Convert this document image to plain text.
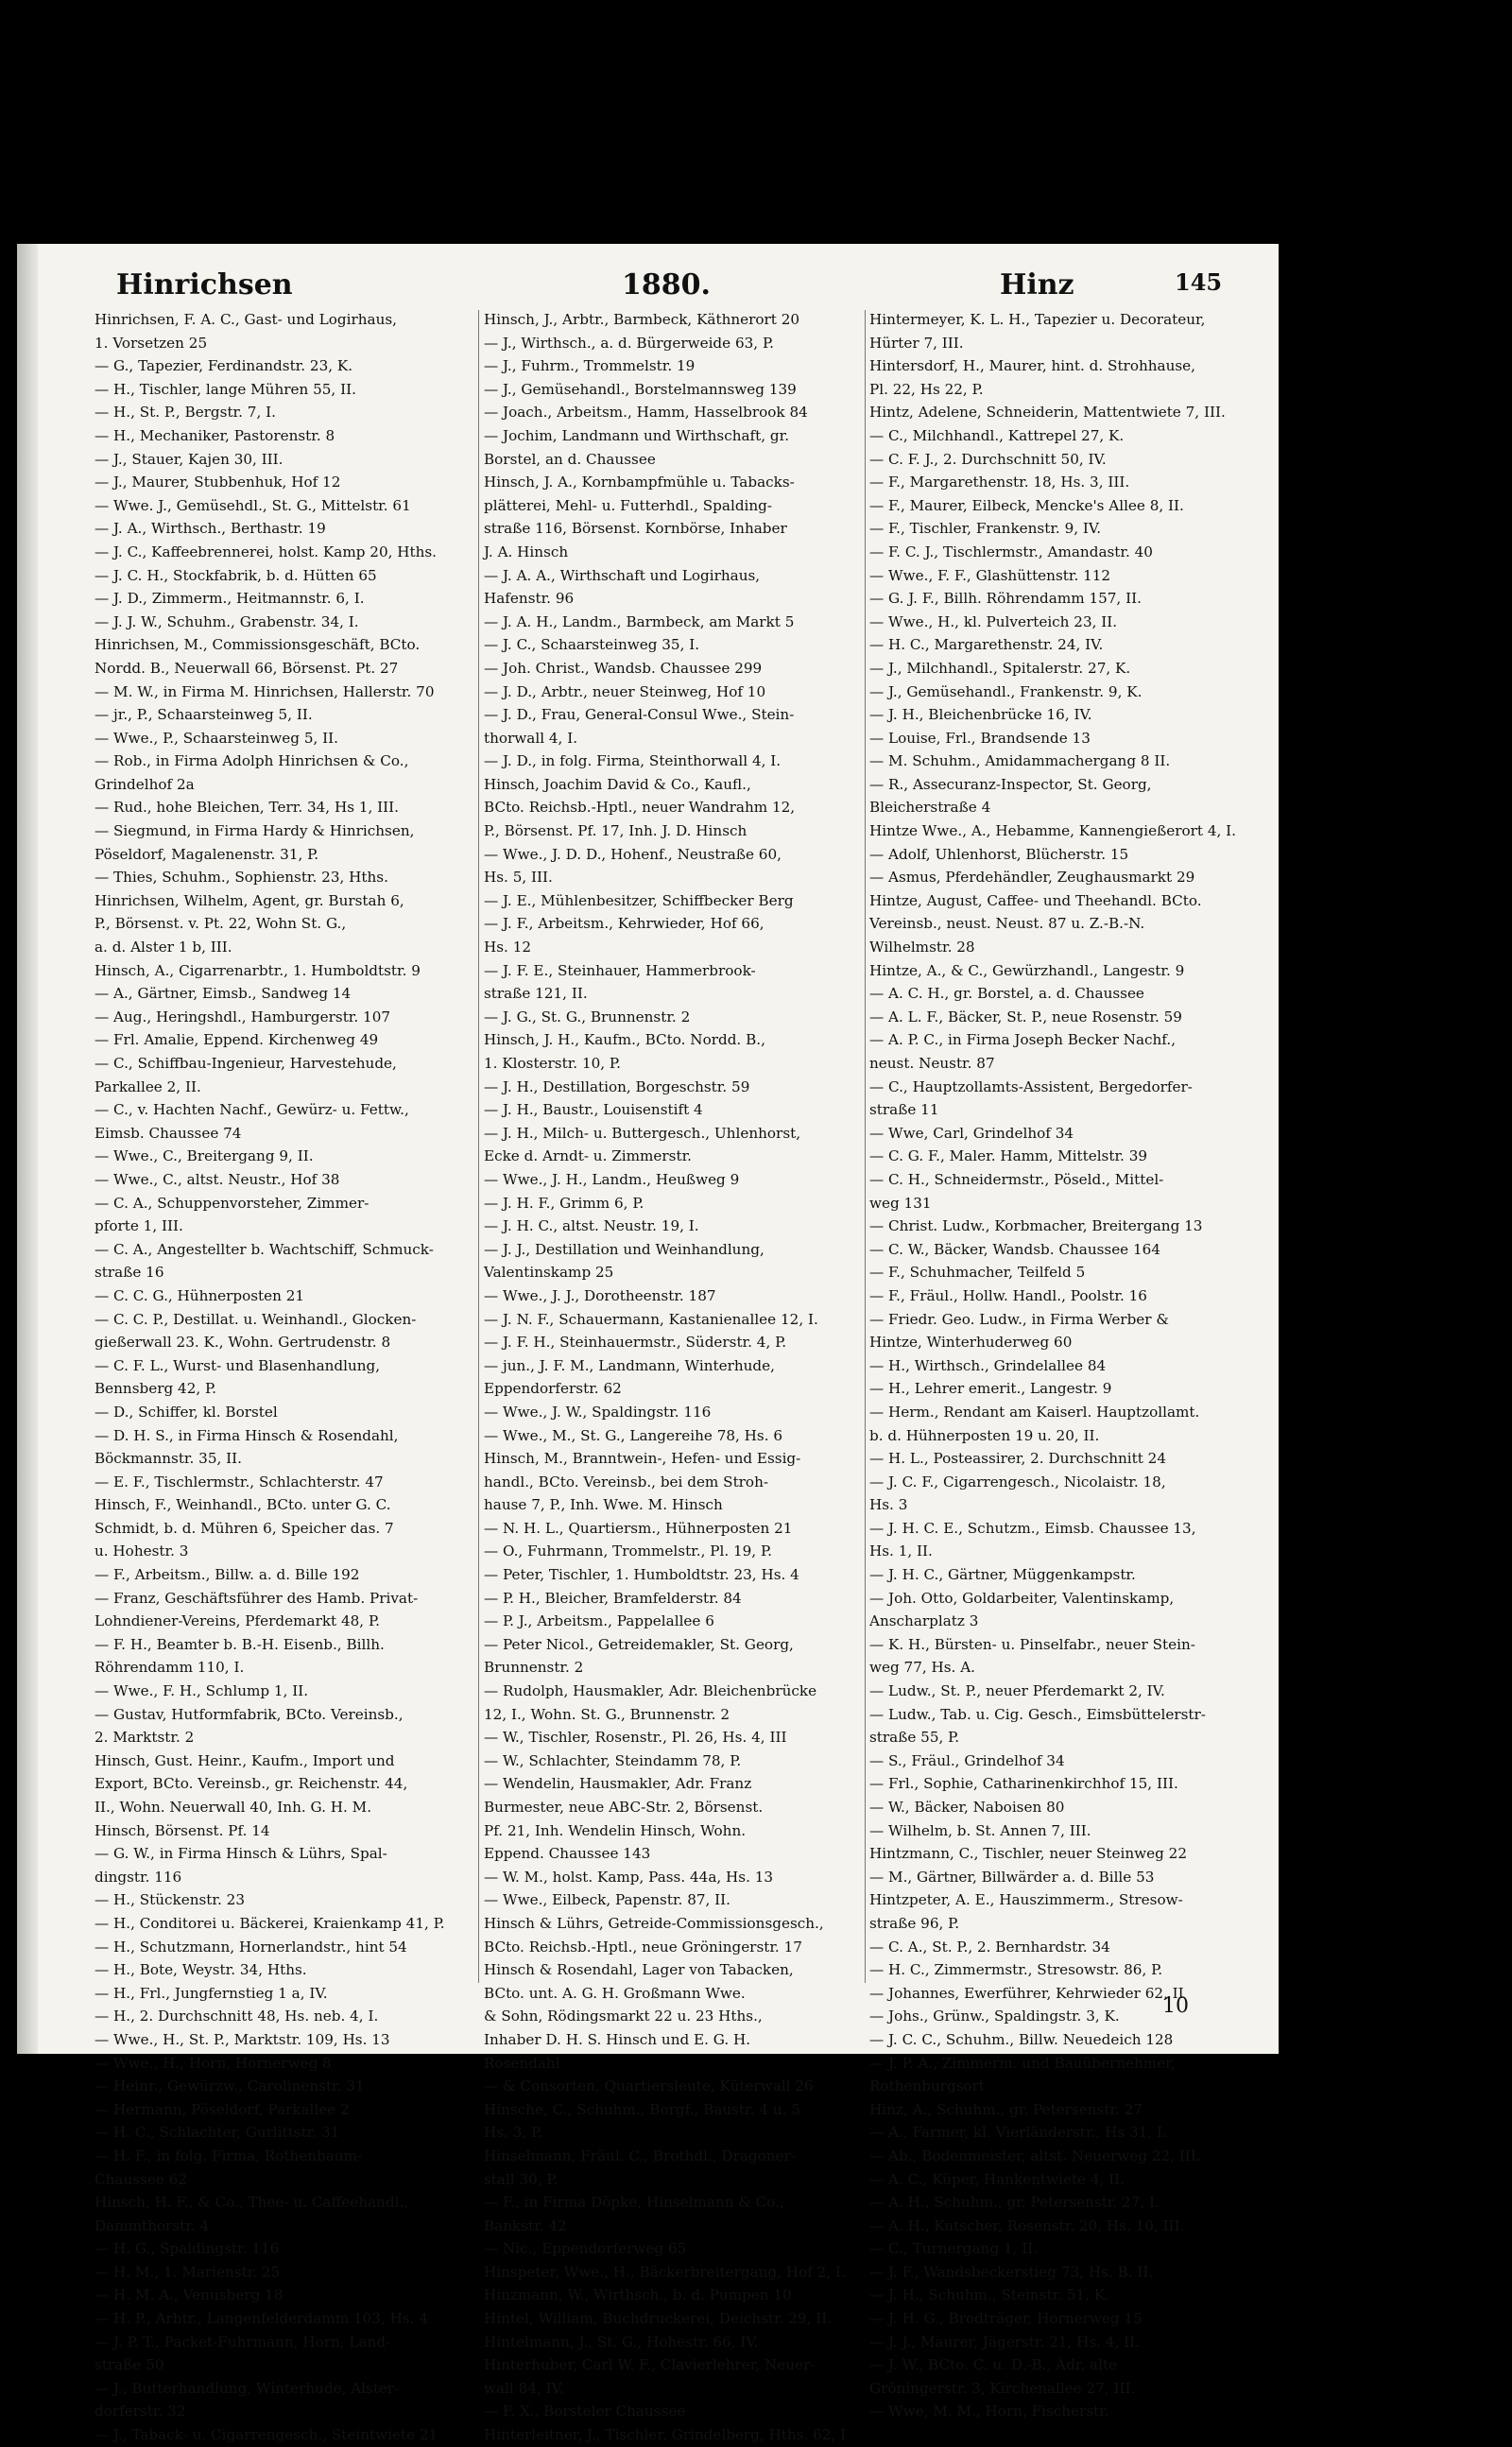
Hinrichsen	1880.	Hinz	145
Hinrichsen, F. A. C., Gast- und Logirhaus,
1. Vorsetzen 25
— G., Tapezier, Ferdinandstr. 23, K.
— H., Tischler, lange Mühren 55, II.
— H., St. P., Bergstr. 7, I.
— H., Mechaniker, Pastorenstr. 8
— J., Stauer, Kajen 30, III.
— J., Maurer, Stubbenhuk, Hof 12
— Wwe. J., Gemüsehdl., St. G., Mittelstr. 61
— J. A., Wirthsch., Berthastr. 19
— J. C., Kaffeebrennerei, holst. Kamp 20, Hths.
— J. C. H., Stockfabrik, b. d. Hütten 65
— J. D., Zimmerm., Heitmannstr. 6, I.
— J. J. W., Schuhm., Grabenstr. 34, I.
Hinrichsen, M., Commissionsgeschäft, BCto.
Nordd. B., Neuerwall 66, Börsenst. Pt. 27
— M. W., in Firma M. Hinrichsen, Hallerstr. 70
— jr., P., Schaarsteinweg 5, II.
— Wwe., P., Schaarsteinweg 5, II.
— Rob., in Firma Adolph Hinrichsen & Co.,
Grindelhof 2a
— Rud., hohe Bleichen, Terr. 34, Hs 1, III.
— Siegmund, in Firma Hardy & Hinrichsen,
Pöseldorf, Magalenenstr. 31, P.
— Thies, Schuhm., Sophienstr. 23, Hths.
Hinrichsen, Wilhelm, Agent, gr. Burstah 6,
P., Börsenst. v. Pt. 22, Wohn St. G.,
a. d. Alster 1 b, III.
Hinsch, A., Cigarrenarbtr., 1. Humboldtstr. 9
— A., Gärtner, Eimsb., Sandweg 14
— Aug., Heringshdl., Hamburgerstr. 107
— Frl. Amalie, Eppend. Kirchenweg 49
— C., Schiffbau-Ingenieur, Harvestehude,
Parkallee 2, II.
— C., v. Hachten Nachf., Gewürz- u. Fettw.,
Eimsb. Chaussee 74
— Wwe., C., Breitergang 9, II.
— Wwe., C., altst. Neustr., Hof 38
— C. A., Schuppenvorsteher, Zimmer-
pforte 1, III.
— C. A., Angestellter b. Wachtschiff, Schmuck-
straße 16
— C. C. G., Hühnerposten 21
— C. C. P., Destillat. u. Weinhandl., Glocken-
gießerwall 23. K., Wohn. Gertrudenstr. 8
— C. F. L., Wurst- und Blasenhandlung,
Bennsberg 42, P.
— D., Schiffer, kl. Borstel
— D. H. S., in Firma Hinsch & Rosendahl,
Böckmannstr. 35, II.
— E. F., Tischlermstr., Schlachterstr. 47
Hinsch, F., Weinhandl., BCto. unter G. C.
Schmidt, b. d. Mühren 6, Speicher das. 7
u. Hohestr. 3
— F., Arbeitsm., Billw. a. d. Bille 192
— Franz, Geschäftsführer des Hamb. Privat-
Lohndiener-Vereins, Pferdemarkt 48, P.
— F. H., Beamter b. B.-H. Eisenb., Billh.
Röhrendamm 110, I.
— Wwe., F. H., Schlump 1, II.
— Gustav, Hutformfabrik, BCto. Vereinsb.,
2. Marktstr. 2
Hinsch, Gust. Heinr., Kaufm., Import und
Export, BCto. Vereinsb., gr. Reichenstr. 44,
II., Wohn. Neuerwall 40, Inh. G. H. M.
Hinsch, Börsenst. Pf. 14
— G. W., in Firma Hinsch & Lührs, Spal-
dingstr. 116
— H., Stückenstr. 23
— H., Conditorei u. Bäckerei, Kraienkamp 41, P.
— H., Schutzmann, Hornerlandstr., hint 54
— H., Bote, Weystr. 34, Hths.
— H., Frl., Jungfernstieg 1 a, IV.
— H., 2. Durchschnitt 48, Hs. neb. 4, I.
— Wwe., H., St. P., Marktstr. 109, Hs. 13
— Wwe., H., Horn, Hornerweg 8
— Heinr., Gewürzw., Carolinenstr. 31
— Hermann, Pöseldorf, Parkallee 2
— H. C., Schlachter, Gurlittstr. 31
— H. F., in folg. Firma, Rothenbaum-
Chaussee 62
Hinsch, H. F., & Co., Thee- u. Caffeehandl.,
Dammthorstr. 4
— H. G., Spaldingstr. 116
— H. M., 1. Marienstr. 25
— H. M. A., Venusberg 18
— H. P., Arbtr., Langenfelderdamm 103, Hs. 4
— J. P. T., Packet-Fuhrmann, Horn, Land-
straße 50
— J., Butterhandlung, Winterhude, Alster-
dorferstr. 32
— J., Taback- u. Cigarrengesch., Steintwiete 21
Hinsch, J., Arbtr., Barmbeck, Käthnerort 20
— J., Wirthsch., a. d. Bürgerweide 63, P.
— J., Fuhrm., Trommelstr. 19
— J., Gemüsehandl., Borstelmannsweg 139
— Joach., Arbeitsm., Hamm, Hasselbrook 84
— Jochim, Landmann und Wirthschaft, gr.
Borstel, an d. Chaussee
Hinsch, J. A., Kornbampfmühle u. Tabacks-
plätterei, Mehl- u. Futterhdl., Spalding-
straße 116, Börsenst. Kornbörse, Inhaber
J. A. Hinsch
— J. A. A., Wirthschaft und Logirhaus,
Hafenstr. 96
— J. A. H., Landm., Barmbeck, am Markt 5
— J. C., Schaarsteinweg 35, I.
— Joh. Christ., Wandsb. Chaussee 299
— J. D., Arbtr., neuer Steinweg, Hof 10
— J. D., Frau, General-Consul Wwe., Stein-
thorwall 4, I.
— J. D., in folg. Firma, Steinthorwall 4, I.
Hinsch, Joachim David & Co., Kaufl.,
BCto. Reichsb.-Hptl., neuer Wandrahm 12,
P., Börsenst. Pf. 17, Inh. J. D. Hinsch
— Wwe., J. D. D., Hohenf., Neustraße 60,
Hs. 5, III.
— J. E., Mühlenbesitzer, Schiffbecker Berg
— J. F., Arbeitsm., Kehrwieder, Hof 66,
Hs. 12
— J. F. E., Steinhauer, Hammerbrook-
straße 121, II.
— J. G., St. G., Brunnenstr. 2
Hinsch, J. H., Kaufm., BCto. Nordd. B.,
1. Klosterstr. 10, P.
— J. H., Destillation, Borgeschstr. 59
— J. H., Baustr., Louisenstift 4
— J. H., Milch- u. Buttergesch., Uhlenhorst,
Ecke d. Arndt- u. Zimmerstr.
— Wwe., J. H., Landm., Heußweg 9
— J. H. F., Grimm 6, P.
— J. H. C., altst. Neustr. 19, I.
— J. J., Destillation und Weinhandlung,
Valentinskamp 25
— Wwe., J. J., Dorotheenstr. 187
— J. N. F., Schauermann, Kastanienallee 12, I.
— J. F. H., Steinhauermstr., Süderstr. 4, P.
— jun., J. F. M., Landmann, Winterhude,
Eppendorferstr. 62
— Wwe., J. W., Spaldingstr. 116
— Wwe., M., St. G., Langereihe 78, Hs. 6
Hinsch, M., Branntwein-, Hefen- und Essig-
handl., BCto. Vereinsb., bei dem Stroh-
hause 7, P., Inh. Wwe. M. Hinsch
— N. H. L., Quartiersm., Hühnerposten 21
— O., Fuhrmann, Trommelstr., Pl. 19, P.
— Peter, Tischler, 1. Humboldtstr. 23, Hs. 4
— P. H., Bleicher, Bramfelderstr. 84
— P. J., Arbeitsm., Pappelallee 6
— Peter Nicol., Getreidemakler, St. Georg,
Brunnenstr. 2
— Rudolph, Hausmakler, Adr. Bleichenbrücke
12, I., Wohn. St. G., Brunnenstr. 2
— W., Tischler, Rosenstr., Pl. 26, Hs. 4, III
— W., Schlachter, Steindamm 78, P.
— Wendelin, Hausmakler, Adr. Franz
Burmester, neue ABC-Str. 2, Börsenst.
Pf. 21, Inh. Wendelin Hinsch, Wohn.
Eppend. Chaussee 143
— W. M., holst. Kamp, Pass. 44a, Hs. 13
— Wwe., Eilbeck, Papenstr. 87, II.
Hinsch & Lührs, Getreide-Commissionsgesch.,
BCto. Reichsb.-Hptl., neue Gröningerstr. 17
Hinsch & Rosendahl, Lager von Tabacken,
BCto. unt. A. G. H. Großmann Wwe.
& Sohn, Rödingsmarkt 22 u. 23 Hths.,
Inhaber D. H. S. Hinsch und E. G. H.
Rosendahl
— & Consorten, Quartiersleute, Küterwall 26
Hinsche, C., Schuhm., Borgf., Baustr. 4 u. 5
Hs. 3, P.
Hinselmann, Fräul. C., Brothdl., Dragoner-
stall 30, P.
— F., in Firma Döpke, Hinselmann & Co.,
Bankstr. 42
— Nic., Eppendorferweg 65
Hinspeter, Wwe., H., Bäckerbreitergang, Hof 2, I.
Hinzmann, W., Wirthsch., b. d. Pumpen 10
Hintel, William, Buchdruckerei, Deichstr. 29, II.
Hintelmann, J., St. G., Hohestr. 66, IV.
Hinterhuber, Carl W. F., Clavierlehrer, Neuer-
wall 84, IV.
— F. X., Borsteler Chaussee
Hinterleitner, J., Tischler, Grindelberg, Hths. 62, I
Hintermeyer, K. L. H., Tapezier u. Decorateur,
Hürter 7, III.
Hintersdorf, H., Maurer, hint. d. Strohhause,
Pl. 22, Hs 22, P.
Hintz, Adelene, Schneiderin, Mattentwiete 7, III.
— C., Milchhandl., Kattrepel 27, K.
— C. F. J., 2. Durchschnitt 50, IV.
— F., Margarethenstr. 18, Hs. 3, III.
— F., Maurer, Eilbeck, Mencke's Allee 8, II.
— F., Tischler, Frankenstr. 9, IV.
— F. C. J., Tischlermstr., Amandastr. 40
— Wwe., F. F., Glashüttenstr. 112
— G. J. F., Billh. Röhrendamm 157, II.
— Wwe., H., kl. Pulverteich 23, II.
— H. C., Margarethenstr. 24, IV.
— J., Milchhandl., Spitalerstr. 27, K.
— J., Gemüsehandl., Frankenstr. 9, K.
— J. H., Bleichenbrücke 16, IV.
— Louise, Frl., Brandsende 13
— M. Schuhm., Amidammachergang 8 II.
— R., Assecuranz-Inspector, St. Georg,
Bleicherstraße 4
Hintze Wwe., A., Hebamme, Kannengießerort 4, I.
— Adolf, Uhlenhorst, Blücherstr. 15
— Asmus, Pferdehändler, Zeughausmarkt 29
Hintze, August, Caffee- und Theehandl. BCto.
Vereinsb., neust. Neust. 87 u. Z.-B.-N.
Wilhelmstr. 28
Hintze, A., & C., Gewürzhandl., Langestr. 9
— A. C. H., gr. Borstel, a. d. Chaussee
— A. L. F., Bäcker, St. P., neue Rosenstr. 59
— A. P. C., in Firma Joseph Becker Nachf.,
neust. Neustr. 87
— C., Hauptzollamts-Assistent, Bergedorfer-
straße 11
— Wwe, Carl, Grindelhof 34
— C. G. F., Maler. Hamm, Mittelstr. 39
— C. H., Schneidermstr., Pöseld., Mittel-
weg 131
— Christ. Ludw., Korbmacher, Breitergang 13
— C. W., Bäcker, Wandsb. Chaussee 164
— F., Schuhmacher, Teilfeld 5
— F., Fräul., Hollw. Handl., Poolstr. 16
— Friedr. Geo. Ludw., in Firma Werber &
Hintze, Winterhuderweg 60
— H., Wirthsch., Grindelallee 84
— H., Lehrer emerit., Langestr. 9
— Herm., Rendant am Kaiserl. Hauptzollamt.
b. d. Hühnerposten 19 u. 20, II.
— H. L., Posteassirer, 2. Durchschnitt 24
— J. C. F., Cigarrengesch., Nicolaistr. 18,
Hs. 3
— J. H. C. E., Schutzm., Eimsb. Chaussee 13,
Hs. 1, II.
— J. H. C., Gärtner, Müggenkampstr.
— Joh. Otto, Goldarbeiter, Valentinskamp,
Anscharplatz 3
— K. H., Bürsten- u. Pinselfabr., neuer Stein-
weg 77, Hs. A.
— Ludw., St. P., neuer Pferdemarkt 2, IV.
— Ludw., Tab. u. Cig. Gesch., Eimsbüttelerstr-
straße 55, P.
— S., Fräul., Grindelhof 34
— Frl., Sophie, Catharinenkirchhof 15, III.
— W., Bäcker, Naboisen 80
— Wilhelm, b. St. Annen 7, III.
Hintzmann, C., Tischler, neuer Steinweg 22
— M., Gärtner, Billwärder a. d. Bille 53
Hintzpeter, A. E., Hauszimmerm., Stresow-
straße 96, P.
— C. A., St. P., 2. Bernhardstr. 34
— H. C., Zimmermstr., Stresowstr. 86, P.
— Johannes, Ewerführer, Kehrwieder 62, II
— Johs., Grünw., Spaldingstr. 3, K.
— J. C. C., Schuhm., Billw. Neuedeich 128
— J. P. A., Zimmerm. und Bauübernehmer,
Rothenburgsort
Hinz, A., Schuhm., gr. Petersenstr. 27
— A., Farmer, kl. Vierländerstr., Hs 31, I.
— Ab., Bodenmeister, altst. Neuerweg 22, III.
— A. C., Küper, Hankentwiete 4, II.
— A. H., Schuhm., gr. Petersenstr. 27, I.
— A. H., Kutscher, Rosenstr. 20, Hs. 10, III.
— C., Turnergang 1, II.
— J. F., Wandsbeckerstieg 73, Hs. B. II.
— J. H., Schuhm., Steinstr. 51, K.
— J. H. G., Brodträger, Hornerweg 15
— J. J., Maurer, Jägerstr. 21, Hs. 4, II.
— J. W., BCto. C. u. D.-B., Adr. alte
Gröningerstr. 3, Kirchenallee 27, III.
— Wwe, M. M., Horn, Fischerstr.
10
